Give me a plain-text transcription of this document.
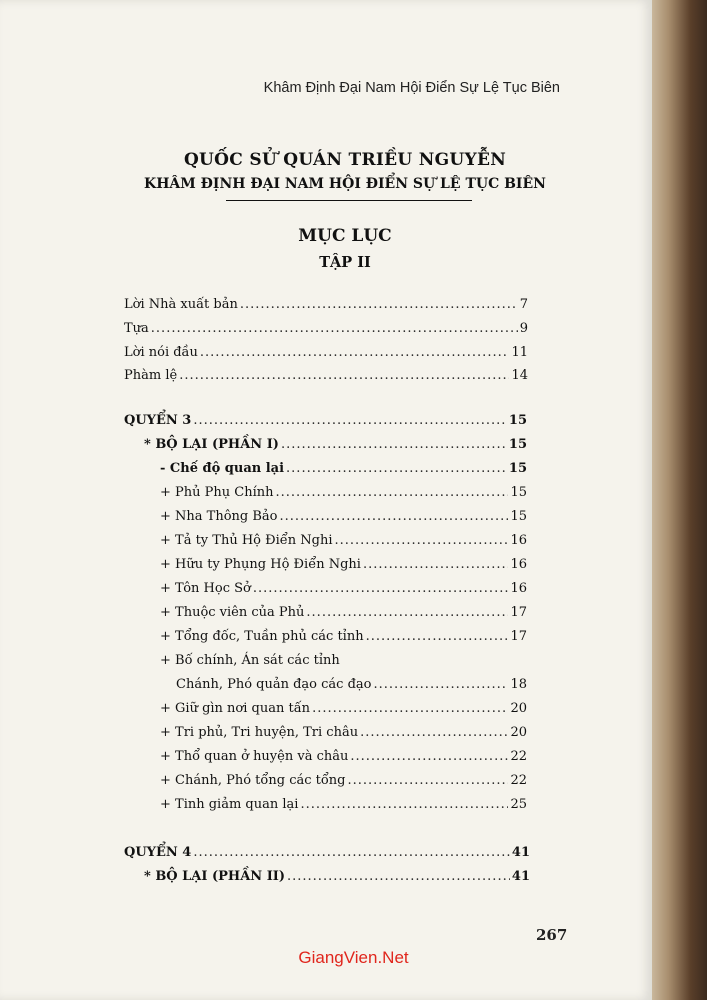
Khâm Định Đại Nam Hội Điển Sự Lệ Tục Biên
QUỐC SỬ QUÁN TRIỀU NGUYỄN
KHÂM ĐỊNH ĐẠI NAM HỘI ĐIỂN SỰ LỆ TỤC BIÊN
MỤC LỤC
TẬP II
Lời Nhà xuất bản .....	7
Tựa .....	9
Lời nói đầu .....	11
Phàm lệ .....	14
QUYỂN 3 .....	15
* BỘ LẠI (PHẦN I) .....	15
- Chế độ quan lại .....	15
+ Phủ Phụ Chính .....	15
+ Nha Thông Bảo .....	15
+ Tả ty Thủ Hộ Điển Nghi .....	16
+ Hữu ty Phụng Hộ Điển Nghi .....	16
+ Tôn Học Sở .....	16
+ Thuộc viên của Phủ .....	17
+ Tổng đốc, Tuần phủ các tỉnh .....	17
+ Bố chính, Án sát các tỉnh
Chánh, Phó quản đạo các đạo .....	18
+ Giữ gìn nơi quan tấn .....	20
+ Tri phủ, Tri huyện, Tri châu .....	20
+ Thổ quan ở huyện và châu .....	22
+ Chánh, Phó tổng các tổng .....	22
+ Tinh giảm quan lại .....	25
QUYỂN 4 .....	41
* BỘ LẠI (PHẦN II) .....	41
267
GiangVien.Net
